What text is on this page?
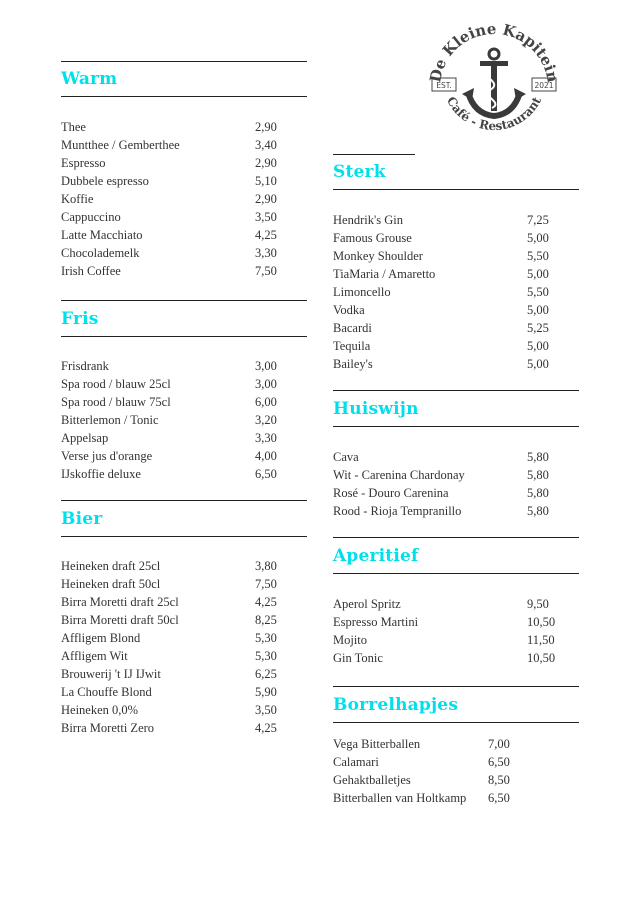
De Kleine Kapitein
Café - Restaurant
EST.	2021
Warm
Thee	2,90
Muntthee / Gemberthee	3,40
Espresso	2,90
Dubbele espresso	5,10
Koffie	2,90
Cappuccino	3,50
Latte Macchiato	4,25
Chocolademelk	3,30
Irish Coffee	7,50
Fris
Frisdrank	3,00
Spa rood / blauw 25cl	3,00
Spa rood / blauw 75cl	6,00
Bitterlemon / Tonic	3,20
Appelsap	3,30
Verse jus d'orange	4,00
IJskoffie deluxe	6,50
Bier
Heineken draft 25cl	3,80
Heineken draft 50cl	7,50
Birra Moretti draft 25cl	4,25
Birra Moretti draft 50cl	8,25
Affligem Blond	5,30
Affligem Wit	5,30
Brouwerij 't IJ IJwit	6,25
La Chouffe Blond	5,90
Heineken 0,0%	3,50
Birra Moretti Zero	4,25
Sterk
Hendrik's Gin	7,25
Famous Grouse	5,00
Monkey Shoulder	5,50
TiaMaria / Amaretto	5,00
Limoncello	5,50
Vodka	5,00
Bacardi	5,25
Tequila	5,00
Bailey's	5,00
Huiswijn
Cava	5,80
Wit - Carenina Chardonay	5,80
Rosé - Douro Carenina	5,80
Rood - Rioja Tempranillo	5,80
Aperitief
Aperol Spritz	9,50
Espresso Martini	10,50
Mojito	11,50
Gin Tonic	10,50
Borrelhapjes
Vega Bitterballen	7,00
Calamari	6,50
Gehaktballetjes	8,50
Bitterballen van Holtkamp	6,50
